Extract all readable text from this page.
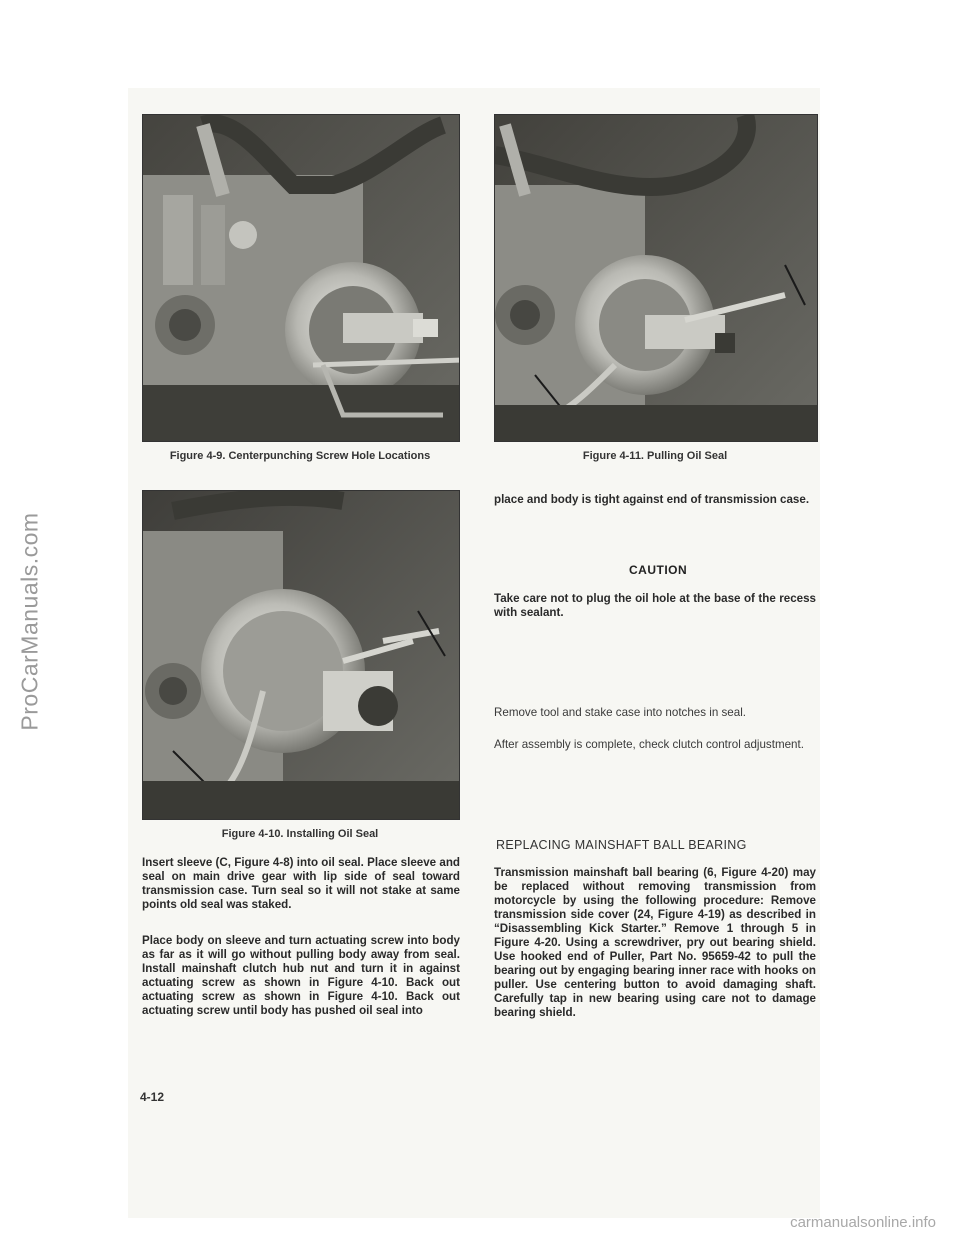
ProCarManuals.com
Figure 4-9. Centerpunching Screw Hole Locations
Figure 4-10. Installing Oil Seal
Figure 4-11. Pulling Oil Seal
Insert sleeve (C, Figure 4-8) into oil seal. Place sleeve and seal on main drive gear with lip side of seal toward transmission case. Turn seal so it will not stake at same points old seal was staked.
Place body on sleeve and turn actuating screw into body as far as it will go without pulling body away from seal. Install mainshaft clutch hub nut and turn it in against actuating screw as shown in Figure 4-10. Back out actuating screw as shown in Figure 4-10. Back out actuating screw until body has pushed oil seal into
place and body is tight against end of transmission case.
CAUTION
Take care not to plug the oil hole at the base of the recess with sealant.
Remove tool and stake case into notches in seal.
After assembly is complete, check clutch control adjustment.
REPLACING MAINSHAFT BALL BEARING
Transmission mainshaft ball bearing (6, Figure 4-20) may be replaced without removing transmission from motorcycle by using the following procedure: Remove transmission side cover (24, Figure 4-19) as described in “Disassembling Kick Starter.” Remove 1 through 5 in Figure 4-20. Using a screwdriver, pry out bearing shield. Use hooked end of Puller, Part No. 95659-42 to pull the bearing out by engaging bearing inner race with hooks on puller. Use centering button to avoid damaging shaft. Carefully tap in new bearing using care not to damage bearing shield.
4-12
carmanualsonline.info
